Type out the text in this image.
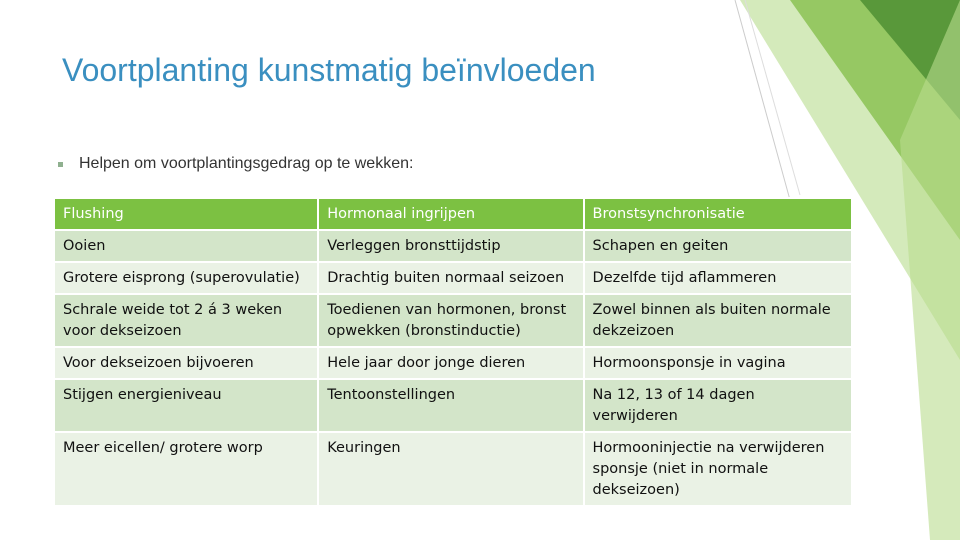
Voortplanting kunstmatig beïnvloeden
Helpen om voortplantingsgedrag op te wekken:
Flushing	Hormonaal ingrijpen	Bronstsynchronisatie
Ooien	Verleggen bronsttijdstip	Schapen en geiten
Grotere eisprong (superovulatie)	Drachtig buiten normaal seizoen	Dezelfde tijd aflammeren
Schrale weide tot 2 á 3 weken voor dekseizoen	Toedienen van hormonen, bronst opwekken (bronstinductie)	Zowel binnen als buiten normale dekzeizoen
Voor dekseizoen bijvoeren	Hele jaar door jonge dieren	Hormoonsponsje in vagina
Stijgen energieniveau	Tentoonstellingen	Na 12, 13 of 14 dagen verwijderen
Meer eicellen/ grotere worp	Keuringen	Hormooninjectie na verwijderen sponsje (niet in normale dekseizoen)
